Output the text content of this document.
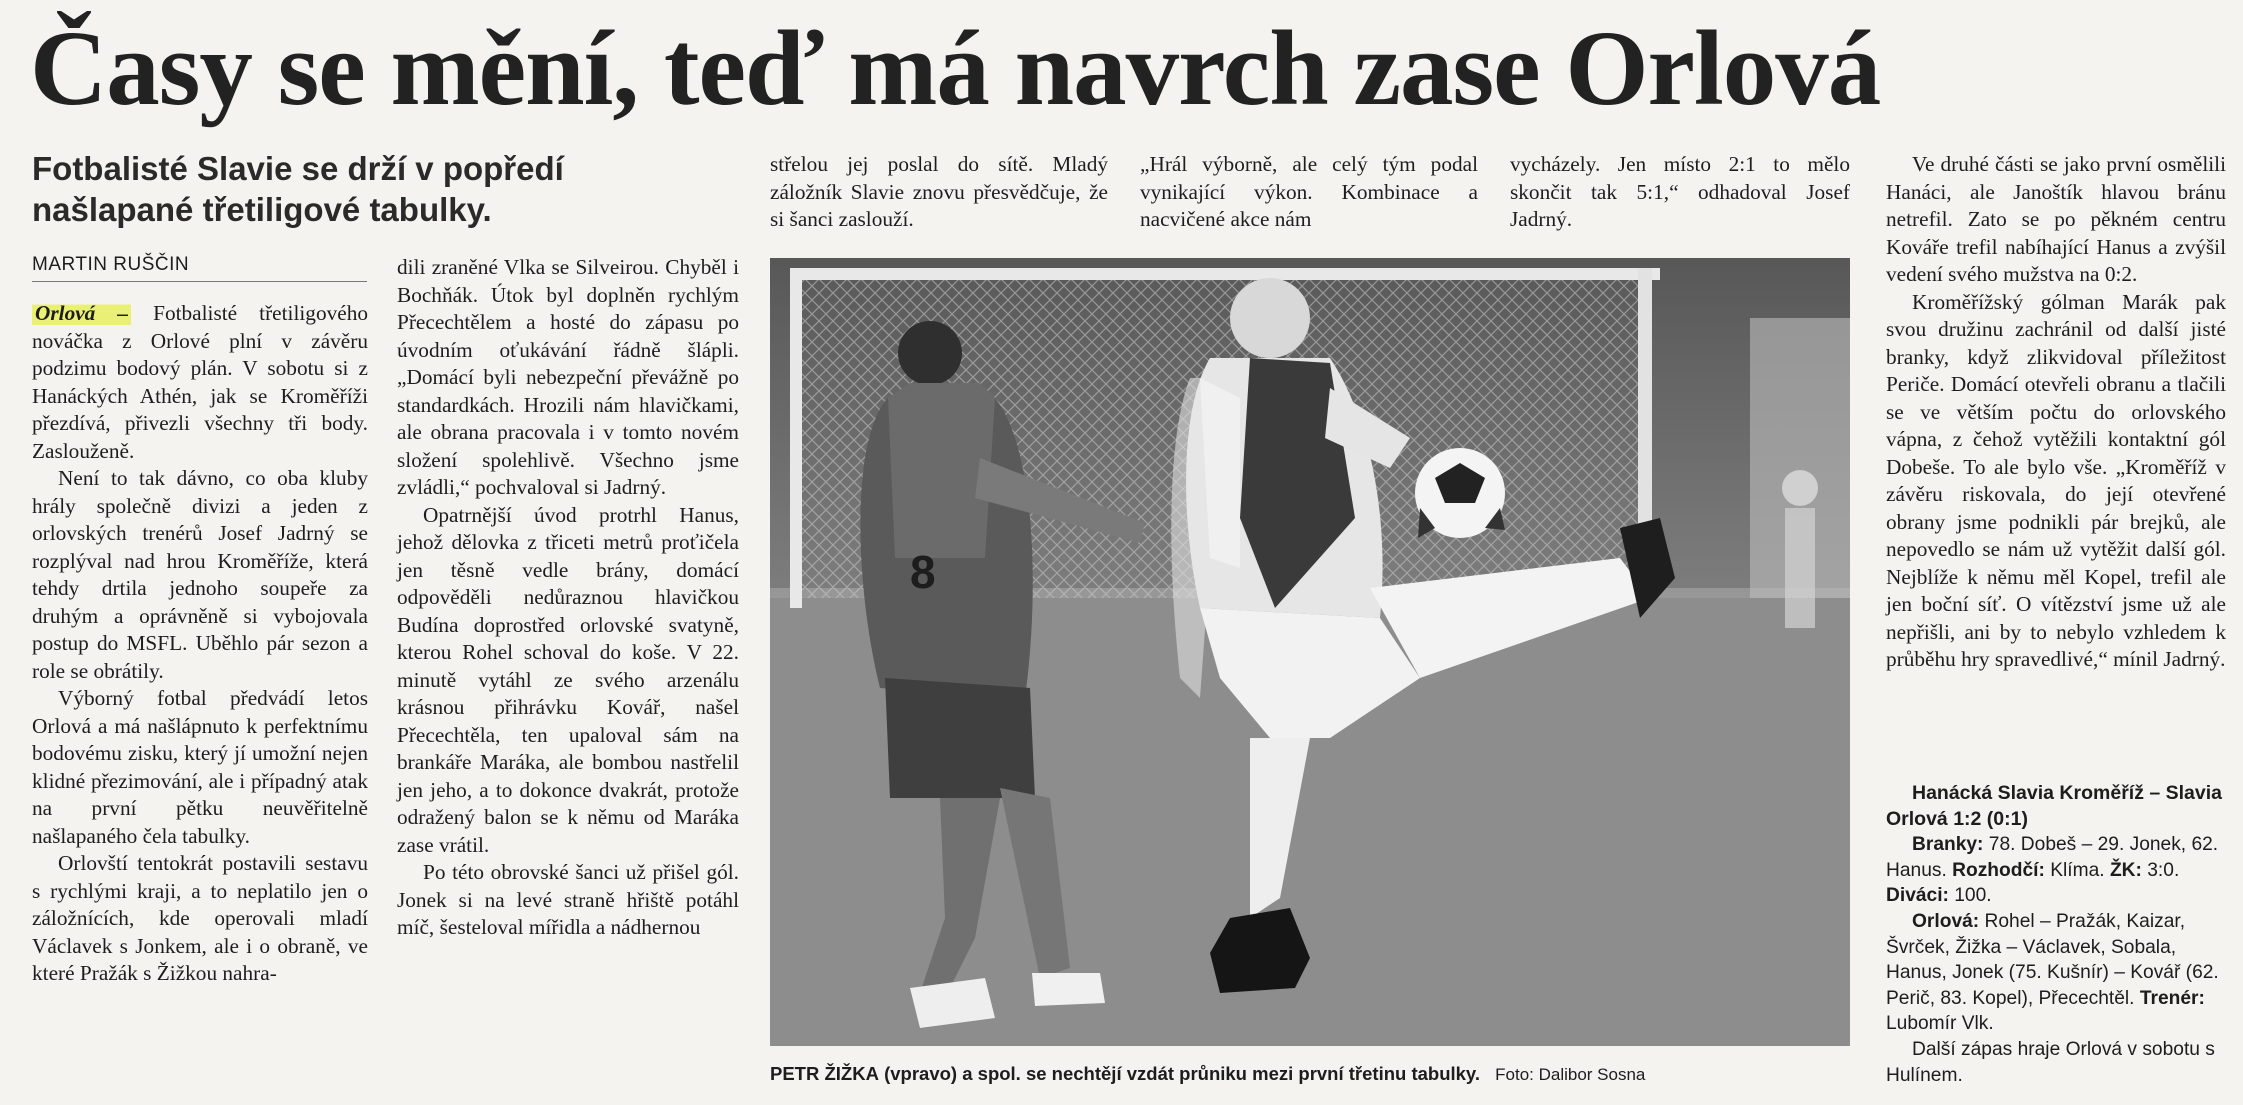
Časy se mění, teď má navrch zase Orlová
Fotbalisté Slavie se drží v popředí našlapané třetiligové tabulky.
MARTIN RUŠČIN

Orlová – Fotbalisté třetiligového nováčka z Orlové plní v závěru podzimu bodový plán. V sobotu si z Hanáckých Athén, jak se Kroměříži přezdívá, přivezli všechny tři body. Zaslouženě.

Není to tak dávno, co oba kluby hrály společně divizi a jeden z orlovských trenérů Josef Jadrný se rozplýval nad hrou Kroměříže, která tehdy drtila jednoho soupeře za druhým a oprávněně si vybojovala postup do MSFL. Uběhlo pár sezon a role se obrátily.

Výborný fotbal předvádí letos Orlová a má našlápnuto k perfektnímu bodovému zisku, který jí umožní nejen klidné přezimování, ale i případný atak na první pětku neuvěřitelně našlapaného čela tabulky.

Orlovští tentokrát postavili sestavu s rychlými kraji, a to neplatilo jen o záložnících, kde operovali mladí Václavek s Jonkem, ale i o obraně, ve které Pražák s Žižkou nahra-

dili zraněné Vlka se Silveirou. Chyběl i Bochňák. Útok byl doplněn rychlým Přecechtělem a hosté do zápasu po úvodním oťukávání řádně šlápli. „Domácí byli nebezpeční převážně po standardkách. Hrozili nám hlavičkami, ale obrana pracovala i v tomto novém složení spolehlivě. Všechno jsme zvládli,“ pochvaloval si Jadrný.

Opatrnější úvod protrhl Hanus, jehož dělovka z třiceti metrů proťičela jen těsně vedle brány, domácí odpověděli nedůraznou hlavičkou Budína doprostřed orlovské svatyně, kterou Rohel schoval do koše. V 22. minutě vytáhl ze svého arzenálu krásnou přihrávku Kovář, našel Přecechtěla, ten upaloval sám na brankáře Maráka, ale bombou nastřelil jen jeho, a to dokonce dvakrát, protože odražený balon se k němu od Maráka zase vrátil.

Po této obrovské šanci už přišel gól. Jonek si na levé straně hřiště potáhl míč, šesteloval mířidla a nádhernou

střelou jej poslal do sítě. Mladý záložník Slavie znovu přesvědčuje, že si šanci zaslouží.

„Hrál výborně, ale celý tým podal vynikající výkon. Kombinace a nacvičené akce nám

vycházely. Jen místo 2:1 to mělo skončit tak 5:1,“ odhadoval Josef Jadrný.

8
PETR ŽIŽKA (vpravo) a spol. se nechtějí vzdát průniku mezi první třetinu tabulky. Foto: Dalibor Sosna

Ve druhé části se jako první osmělili Hanáci, ale Janoštík hlavou bránu netrefil. Zato se po pěkném centru Kováře trefil nabíhající Hanus a zvýšil vedení svého mužstva na 0:2.

Kroměřížský gólman Marák pak svou družinu zachránil od další jisté branky, když zlikvidoval příležitost Periče. Domácí otevřeli obranu a tlačili se ve větším počtu do orlovského vápna, z čehož vytěžili kontaktní gól Dobeše. To ale bylo vše. „Kroměříž v závěru riskovala, do její otevřené obrany jsme podnikli pár brejků, ale nepovedlo se nám už vytěžit další gól. Nejblíže k němu měl Kopel, trefil ale jen boční síť. O vítězství jsme už ale nepřišli, ani by to nebylo vzhledem k průběhu hry spravedlivé,“ mínil Jadrný.

Hanácká Slavia Kroměříž – Slavia Orlová 1:2 (0:1)

Branky: 78. Dobeš – 29. Jonek, 62. Hanus. Rozhodčí: Klíma. ŽK: 3:0. Diváci: 100.

Orlová: Rohel – Pražák, Kaizar, Švrček, Žižka – Václavek, Sobala, Hanus, Jonek (75. Kušnír) – Kovář (62. Perič, 83. Kopel), Přecechtěl. Trenér: Lubomír Vlk.

Další zápas hraje Orlová v sobotu s Hulínem.
